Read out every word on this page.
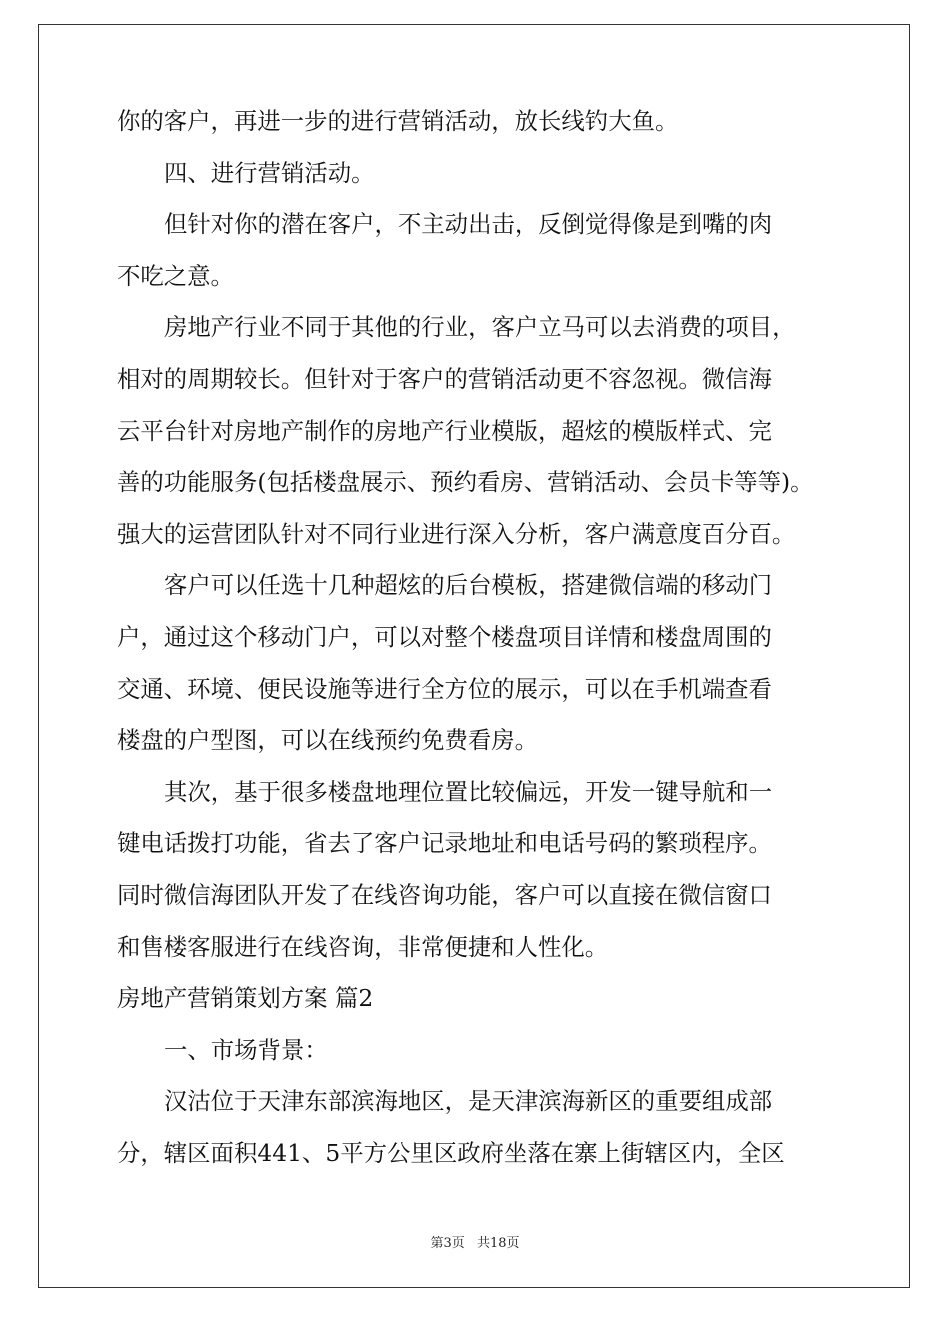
你的客户，再进一步的进行营销活动，放长线钓大鱼。
四、进行营销活动。
但针对你的潜在客户，不主动出击，反倒觉得像是到嘴的肉
不吃之意。
房地产行业不同于其他的行业，客户立马可以去消费的项目，
相对的周期较长。但针对于客户的营销活动更不容忽视。微信海
云平台针对房地产制作的房地产行业模版，超炫的模版样式、完
善的功能服务(包括楼盘展示、预约看房、营销活动、会员卡等等)。
强大的运营团队针对不同行业进行深入分析，客户满意度百分百。
客户可以任选十几种超炫的后台模板，搭建微信端的移动门
户，通过这个移动门户，可以对整个楼盘项目详情和楼盘周围的
交通、环境、便民设施等进行全方位的展示，可以在手机端查看
楼盘的户型图，可以在线预约免费看房。
其次，基于很多楼盘地理位置比较偏远，开发一键导航和一
键电话拨打功能，省去了客户记录地址和电话号码的繁琐程序。
同时微信海团队开发了在线咨询功能，客户可以直接在微信窗口
和售楼客服进行在线咨询，非常便捷和人性化。
房地产营销策划方案 篇2
一、市场背景：
汉沽位于天津东部滨海地区，是天津滨海新区的重要组成部
分，辖区面积441、5平方公里区政府坐落在寨上街辖区内，全区
第3页 共18页
